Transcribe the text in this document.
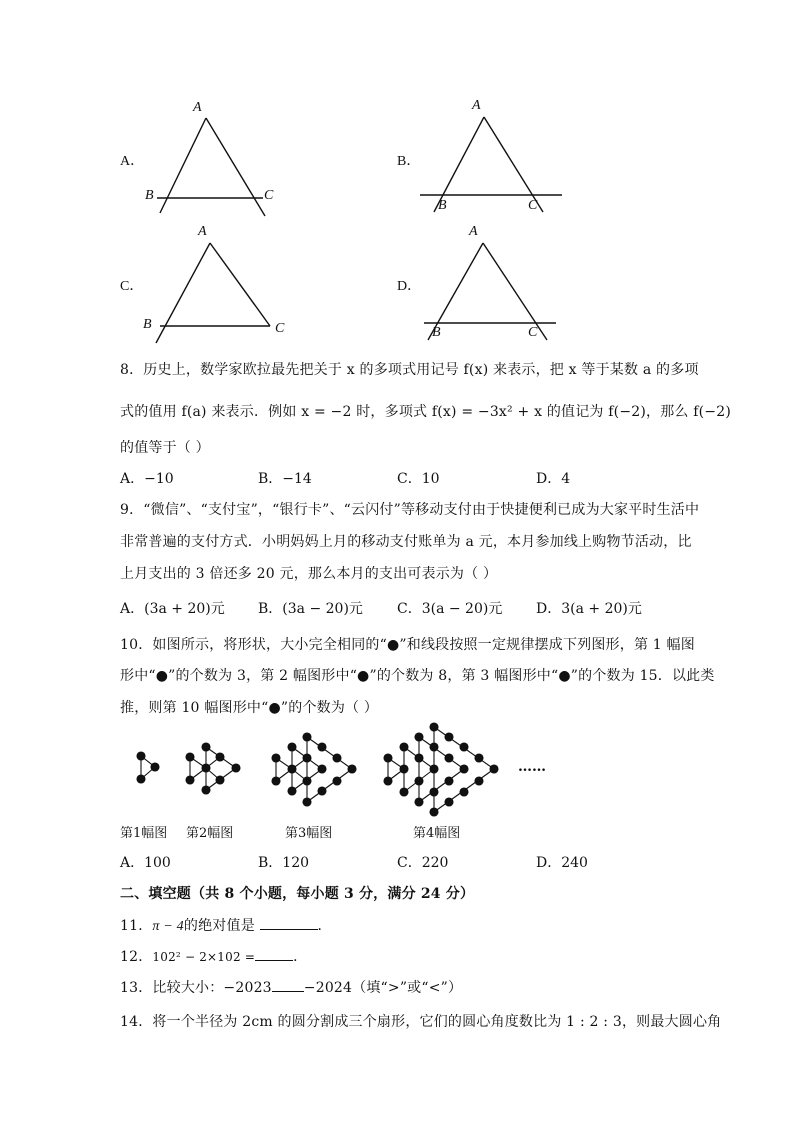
A．
A
B	C
B．
A
B	C
C．
A
B	C
D．
A
B	C
8．历史上，数学家欧拉最先把关于 x 的多项式用记号 f(x) 来表示，把 x 等于某数 a 的多项
式的值用 f(a) 来表示．例如 x = −2 时，多项式 f(x) = −3x² + x 的值记为 f(−2)，那么 f(−2)
的值等于（ ）
A．−10	B．−14	C．10	D．4
9．“微信”、“支付宝”，“银行卡”、“云闪付”等移动支付由于快捷便利已成为大家平时生活中
非常普遍的支付方式．小明妈妈上月的移动支付账单为 a 元，本月参加线上购物节活动，比
上月支出的 3 倍还多 20 元，那么本月的支出可表示为（ ）
A．(3a + 20)元 B．(3a − 20)元 C．3(a − 20)元 D．3(a + 20)元
10．如图所示，将形状，大小完全相同的“●”和线段按照一定规律摆成下列图形，第 1 幅图
形中“●”的个数为 3，第 2 幅图形中“●”的个数为 8，第 3 幅图形中“●”的个数为 15．以此类
推，则第 10 幅图形中“●”的个数为（ ）
……
第1幅图 第2幅图	第3幅图	第4幅图
A．100	B．120	C．220	D．240
二、填空题（共 8 个小题，每小题 3 分，满分 24 分）
11．π − 4的绝对值是	．
12．102² − 2×102 =	．
13．比较大小：−2023 −2024（填“>”或“<”）
14．将一个半径为 2cm 的圆分割成三个扇形，它们的圆心角度数比为 1 : 2 : 3，则最大圆心角
